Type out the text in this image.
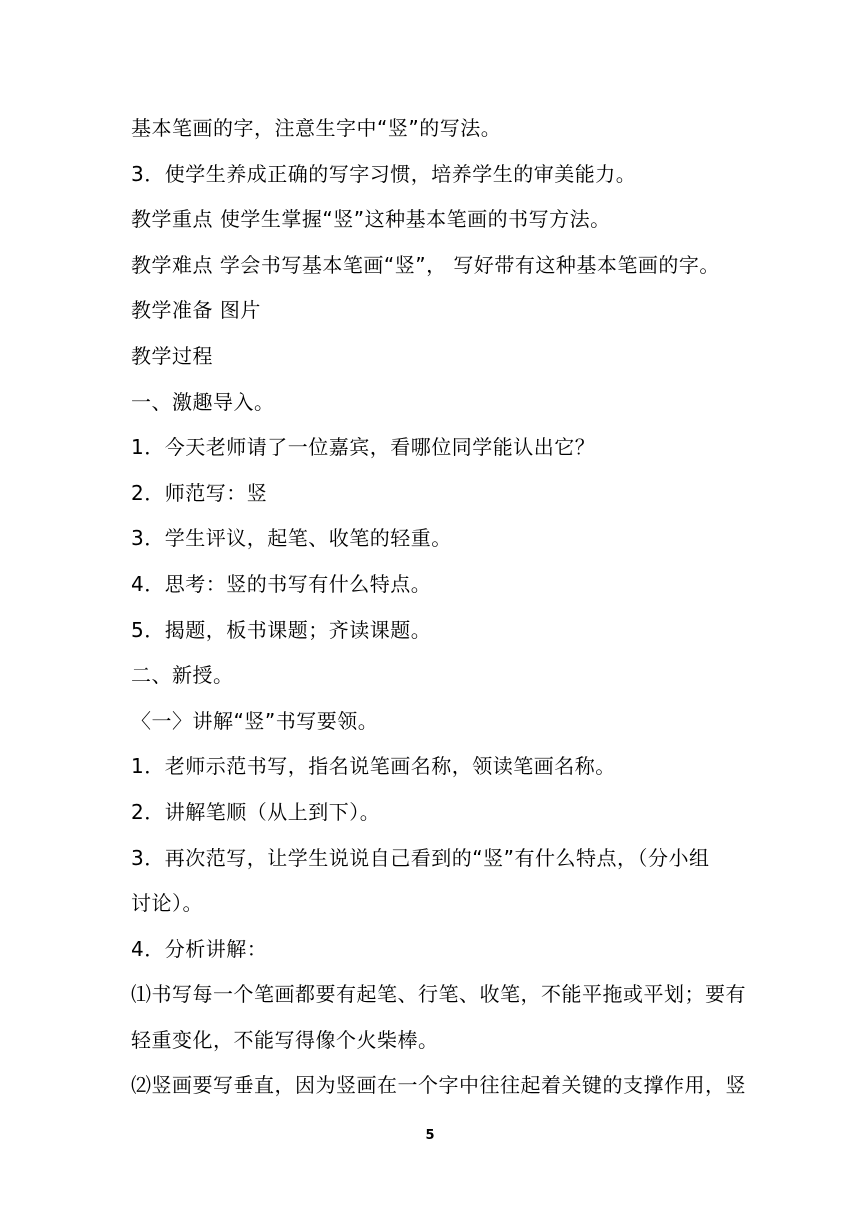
基本笔画的字，注意生字中“竖”的写法。
3．使学生养成正确的写字习惯，培养学生的审美能力。
教学重点 使学生掌握“竖”这种基本笔画的书写方法。
教学难点 学会书写基本笔画“竖”， 写好带有这种基本笔画的字。
教学准备 图片
教学过程
一、激趣导入。
1．今天老师请了一位嘉宾，看哪位同学能认出它？
2．师范写：竖
3．学生评议，起笔、收笔的轻重。
4．思考：竖的书写有什么特点。
5．揭题，板书课题；齐读课题。
二、新授。
〈一〉讲解“竖”书写要领。
1．老师示范书写，指名说笔画名称，领读笔画名称。
2．讲解笔顺（从上到下）。
3．再次范写，让学生说说自己看到的“竖”有什么特点，（分小组
讨论）。
4．分析讲解：
⑴书写每一个笔画都要有起笔、行笔、收笔，不能平拖或平划；要有
轻重变化，不能写得像个火柴棒。
⑵竖画要写垂直，因为竖画在一个字中往往起着关键的支撑作用，竖
5
